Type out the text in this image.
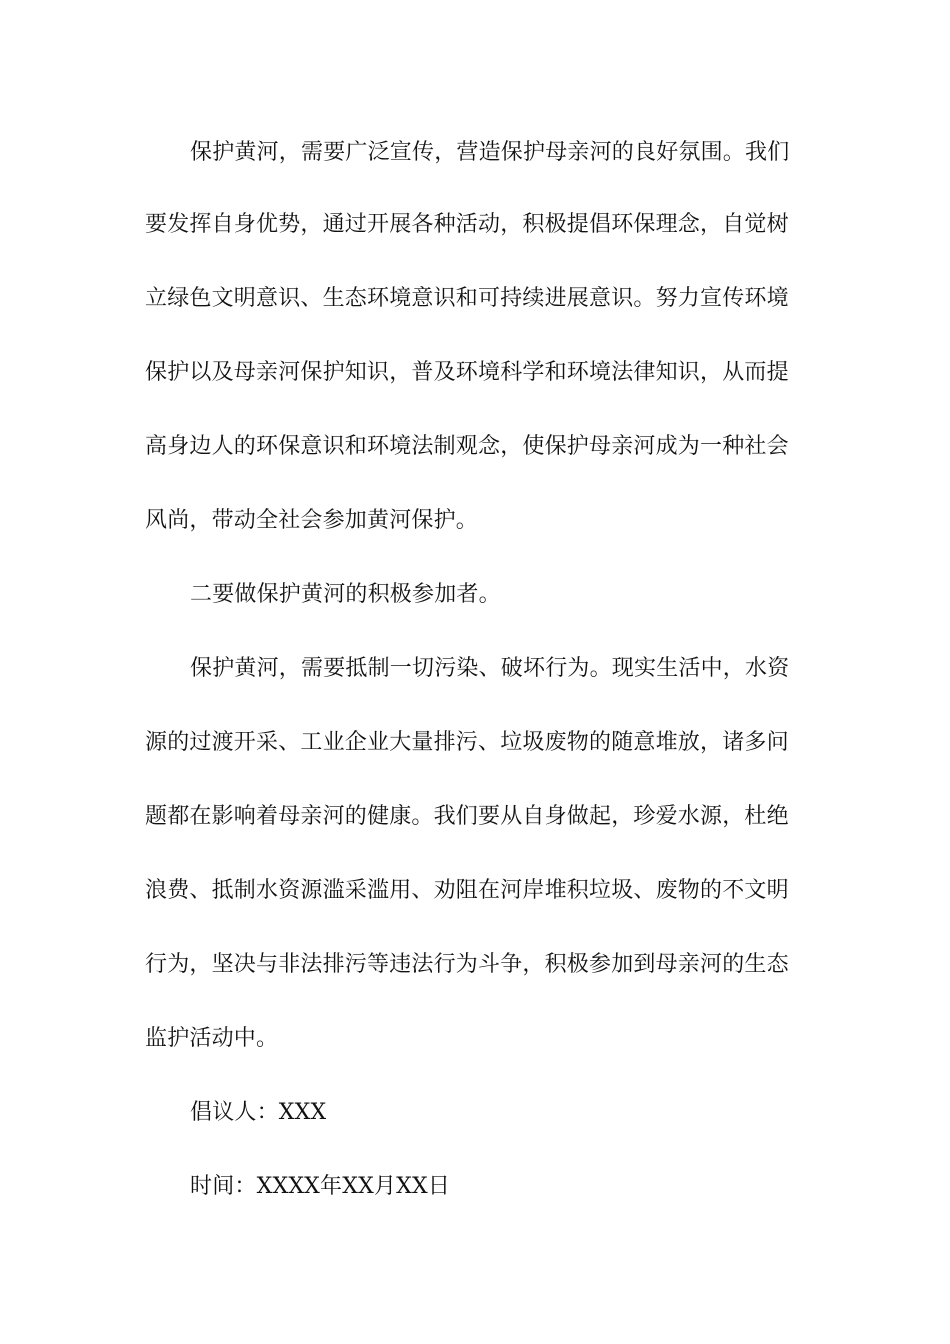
保护黄河，需要广泛宣传，营造保护母亲河的良好氛围。我们
要发挥自身优势，通过开展各种活动，积极提倡环保理念，自觉树
立绿色文明意识、生态环境意识和可持续进展意识。努力宣传环境
保护以及母亲河保护知识，普及环境科学和环境法律知识，从而提
高身边人的环保意识和环境法制观念，使保护母亲河成为一种社会
风尚，带动全社会参加黄河保护。
二要做保护黄河的积极参加者。
保护黄河，需要抵制一切污染、破坏行为。现实生活中，水资
源的过渡开采、工业企业大量排污、垃圾废物的随意堆放，诸多问
题都在影响着母亲河的健康。我们要从自身做起，珍爱水源，杜绝
浪费、抵制水资源滥采滥用、劝阻在河岸堆积垃圾、废物的不文明
行为，坚决与非法排污等违法行为斗争，积极参加到母亲河的生态
监护活动中。
倡议人：XXX
时间：XXXX年XX月XX日
